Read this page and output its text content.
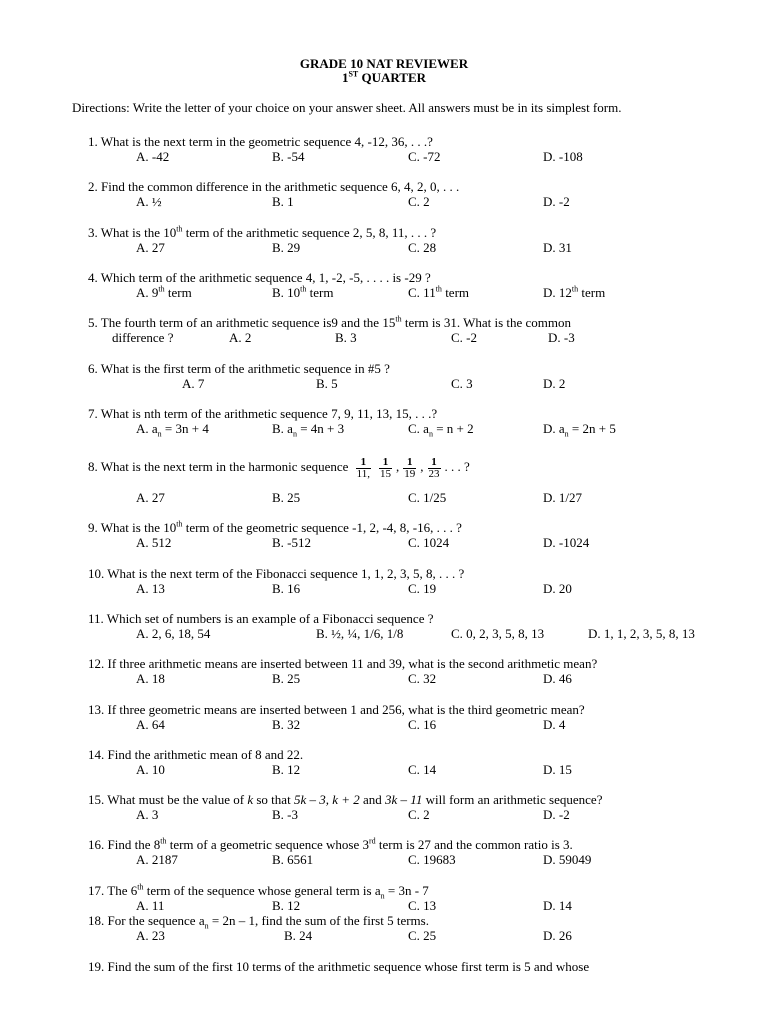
GRADE 10 NAT REVIEWER
1ST QUARTER
Directions: Write the letter of your choice on your answer sheet. All answers must be in its simplest form.
1. What is the next term in the geometric sequence 4, -12, 36, . . .?
A. -42	B. -54	C. -72	D. -108
2. Find the common difference in the arithmetic sequence 6, 4, 2, 0, . . .
A. ½	B. 1	C. 2	D. -2
3. What is the 10th term of the arithmetic sequence 2, 5, 8, 11, . . . ?
A. 27	B. 29	C. 28	D. 31
4. Which term of the arithmetic sequence 4, 1, -2, -5, . . . . is -29 ?
A. 9th term	B. 10th term	C. 11th term	D. 12th term
5. The fourth term of an arithmetic sequence is9 and the 15th term is 31. What is the common
difference ?	A. 2	B. 3	C. -2	D. -3
6. What is the first term of the arithmetic sequence in #5 ?
A. 7	B. 5	C. 3	D. 2
7. What is nth term of the arithmetic sequence 7, 9, 11, 13, 15, . . .?
A. $a_n = 3n + 4$	B. $a_n = 4n + 3$	C. $a_n = n + 2$	D. $a_n = 2n + 5$
8. What is the next term in the harmonic sequence $\frac{1}{11,} \frac{1}{15}$ , $\frac{1}{19}$ , $\frac{1}{23}$ . . . ?
A. 27	B. 25	C. 1/25	D. 1/27
9. What is the 10th term of the geometric sequence -1, 2, -4, 8, -16, . . . ?
A. 512	B. -512	C. 1024	D. -1024
10. What is the next term of the Fibonacci sequence 1, 1, 2, 3, 5, 8, . . . ?
A. 13	B. 16	C. 19	D. 20
11. Which set of numbers is an example of a Fibonacci sequence ?
A. 2, 6, 18, 54	B. ½, ¼, 1/6, 1/8	C. 0, 2, 3, 5, 8, 13	D. 1, 1, 2, 3, 5, 8, 13
12. If three arithmetic means are inserted between 11 and 39, what is the second arithmetic mean?
A. 18	B. 25	C. 32	D. 46
13. If three geometric means are inserted between 1 and 256, what is the third geometric mean?
A. 64	B. 32	C. 16	D. 4
14. Find the arithmetic mean of 8 and 22.
A. 10	B. 12	C. 14	D. 15
15. What must be the value of k so that 5k – 3, k + 2 and 3k – 11 will form an arithmetic sequence?
A. 3	B. -3	C. 2	D. -2
16. Find the 8th term of a geometric sequence whose 3rd term is 27 and the common ratio is 3.
A. 2187	B. 6561	C. 19683	D. 59049
17. The 6th term of the sequence whose general term is $a_n = 3n - 7$
A. 11	B. 12	C. 13	D. 14
18. For the sequence $a_n = 2n - 1$, find the sum of the first 5 terms.
A. 23	B. 24	C. 25	D. 26
19. Find the sum of the first 10 terms of the arithmetic sequence whose first term is 5 and whose
